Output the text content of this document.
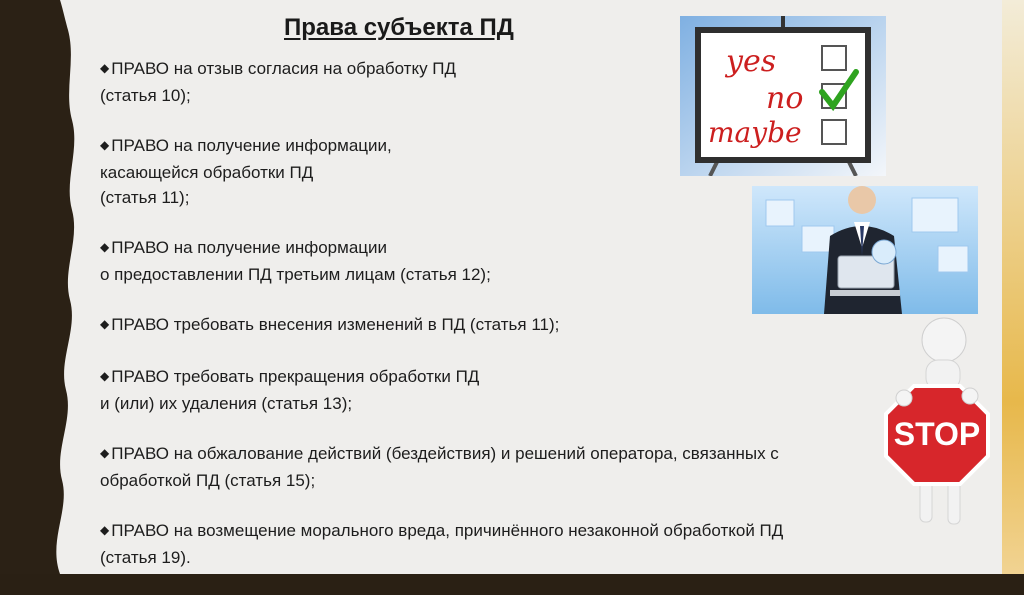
Права субъекта ПД
◆ ПРАВО на отзыв согласия на обработку ПД
(статья 10);
◆ ПРАВО на получение информации,
касающейся обработки ПД
(статья 11);
◆ ПРАВО на получение информации
о предоставлении ПД третьим лицам (статья 12);
◆ ПРАВО требовать внесения изменений в ПД (статья 11);
◆ ПРАВО требовать прекращения обработки ПД
и (или) их удаления (статья 13);
◆ ПРАВО на обжалование действий (бездействия) и решений оператора, связанных с
обработкой ПД (статья 15);
◆ ПРАВО на возмещение морального вреда, причинённого незаконной обработкой ПД
(статья 19).
yes
no
maybe
STOP
